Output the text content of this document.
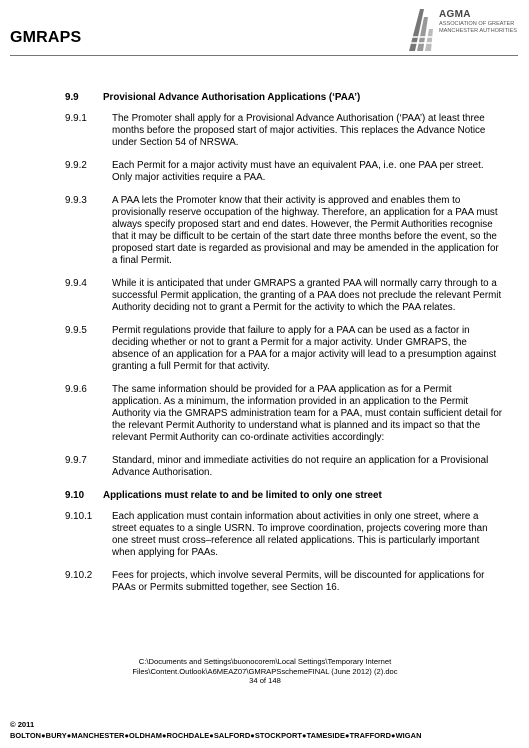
GMRAPS
AGMA
ASSOCIATION OF GREATER MANCHESTER AUTHORITIES
9.9	Provisional Advance Authorisation Applications (‘PAA’)
9.9.1	The Promoter shall apply for a Provisional Advance Authorisation (‘PAA’) at least three months before the proposed start of major activities. This replaces the Advance Notice under Section 54 of NRSWA.
9.9.2	Each Permit for a major activity must have an equivalent PAA, i.e. one PAA per street. Only major activities require a PAA.
9.9.3	A PAA lets the Promoter know that their activity is approved and enables them to provisionally reserve occupation of the highway. Therefore, an application for a PAA must always specify proposed start and end dates. However, the Permit Authorities recognise that it may be difficult to be certain of the start date three months before the event, so the proposed start date is regarded as provisional and may be amended in the application for a final Permit.
9.9.4	While it is anticipated that under GMRAPS a granted PAA will normally carry through to a successful Permit application, the granting of a PAA does not preclude the relevant Permit Authority deciding not to grant a Permit for the activity to which the PAA relates.
9.9.5	Permit regulations provide that failure to apply for a PAA can be used as a factor in deciding whether or not to grant a Permit for a major activity. Under GMRAPS, the absence of an application for a PAA for a major activity will lead to a presumption against granting a full Permit for that activity.
9.9.6	The same information should be provided for a PAA application as for a Permit application. As a minimum, the information provided in an application to the Permit Authority via the GMRAPS administration team for a PAA, must contain sufficient detail for the relevant Permit Authority to understand what is planned and its impact so that the relevant Permit Authority can co-ordinate activities accordingly:
9.9.7	Standard, minor and immediate activities do not require an application for a Provisional Advance Authorisation.
9.10	Applications must relate to and be limited to only one street
9.10.1	Each application must contain information about activities in only one street, where a street equates to a single USRN. To improve coordination, projects covering more than one street must cross–reference all related applications. This is particularly important when applying for PAAs.
9.10.2	Fees for projects, which involve several Permits, will be discounted for applications for PAAs or Permits submitted together, see Section 16.
C:\Documents and Settings\buonocorem\Local Settings\Temporary Internet
Files\Content.Outlook\A6MEAZ07\GMRAPSschemeFINAL (June 2012) (2).doc
34 of 148
© 2011
BOLTON●BURY●MANCHESTER●OLDHAM●ROCHDALE●SALFORD●STOCKPORT●TAMESIDE●TRAFFORD●WIGAN
